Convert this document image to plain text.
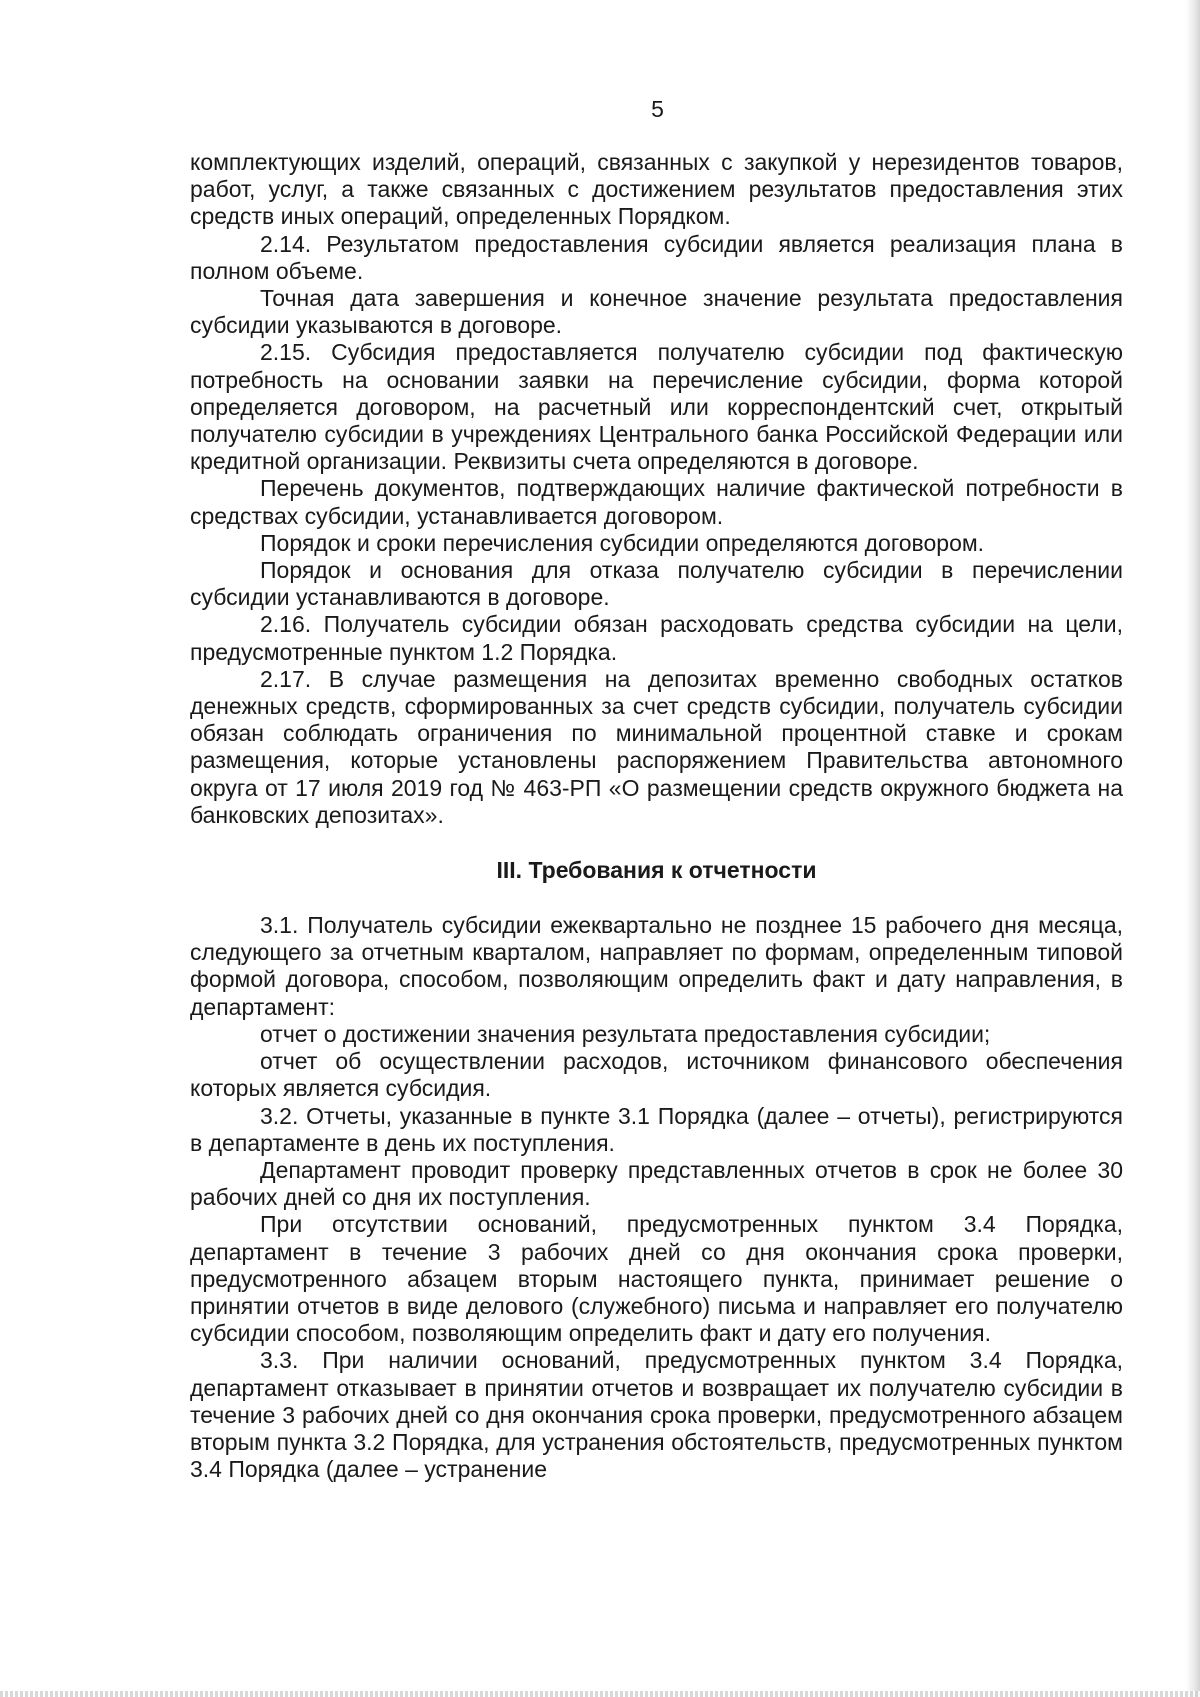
5

комплектующих изделий, операций, связанных с закупкой у нерезидентов товаров, работ, услуг, а также связанных с достижением результатов предоставления этих средств иных операций, определенных Порядком.

2.14. Результатом предоставления субсидии является реализация плана в полном объеме.

Точная дата завершения и конечное значение результата предоставления субсидии указываются в договоре.

2.15. Субсидия предоставляется получателю субсидии под фактическую потребность на основании заявки на перечисление субсидии, форма которой определяется договором, на расчетный или корреспондентский счет, открытый получателю субсидии в учреждениях Центрального банка Российской Федерации или кредитной организации. Реквизиты счета определяются в договоре.

Перечень документов, подтверждающих наличие фактической потребности в средствах субсидии, устанавливается договором.

Порядок и сроки перечисления субсидии определяются договором.

Порядок и основания для отказа получателю субсидии в перечислении субсидии устанавливаются в договоре.

2.16. Получатель субсидии обязан расходовать средства субсидии на цели, предусмотренные пунктом 1.2 Порядка.

2.17. В случае размещения на депозитах временно свободных остатков денежных средств, сформированных за счет средств субсидии, получатель субсидии обязан соблюдать ограничения по минимальной процентной ставке и срокам размещения, которые установлены распоряжением Правительства автономного округа от 17 июля 2019 год № 463-РП «О размещении средств окружного бюджета на банковских депозитах».

III. Требования к отчетности

3.1. Получатель субсидии ежеквартально не позднее 15 рабочего дня месяца, следующего за отчетным кварталом, направляет по формам, определенным типовой формой договора, способом, позволяющим определить факт и дату направления, в департамент:

отчет о достижении значения результата предоставления субсидии;

отчет об осуществлении расходов, источником финансового обеспечения которых является субсидия.

3.2. Отчеты, указанные в пункте 3.1 Порядка (далее – отчеты), регистрируются в департаменте в день их поступления.

Департамент проводит проверку представленных отчетов в срок не более 30 рабочих дней со дня их поступления.

При отсутствии оснований, предусмотренных пунктом 3.4 Порядка, департамент в течение 3 рабочих дней со дня окончания срока проверки, предусмотренного абзацем вторым настоящего пункта, принимает решение о принятии отчетов в виде делового (служебного) письма и направляет его получателю субсидии способом, позволяющим определить факт и дату его получения.

3.3. При наличии оснований, предусмотренных пунктом 3.4 Порядка, департамент отказывает в принятии отчетов и возвращает их получателю субсидии в течение 3 рабочих дней со дня окончания срока проверки, предусмотренного абзацем вторым пункта 3.2 Порядка, для устранения обстоятельств, предусмотренных пунктом 3.4 Порядка (далее – устранение
